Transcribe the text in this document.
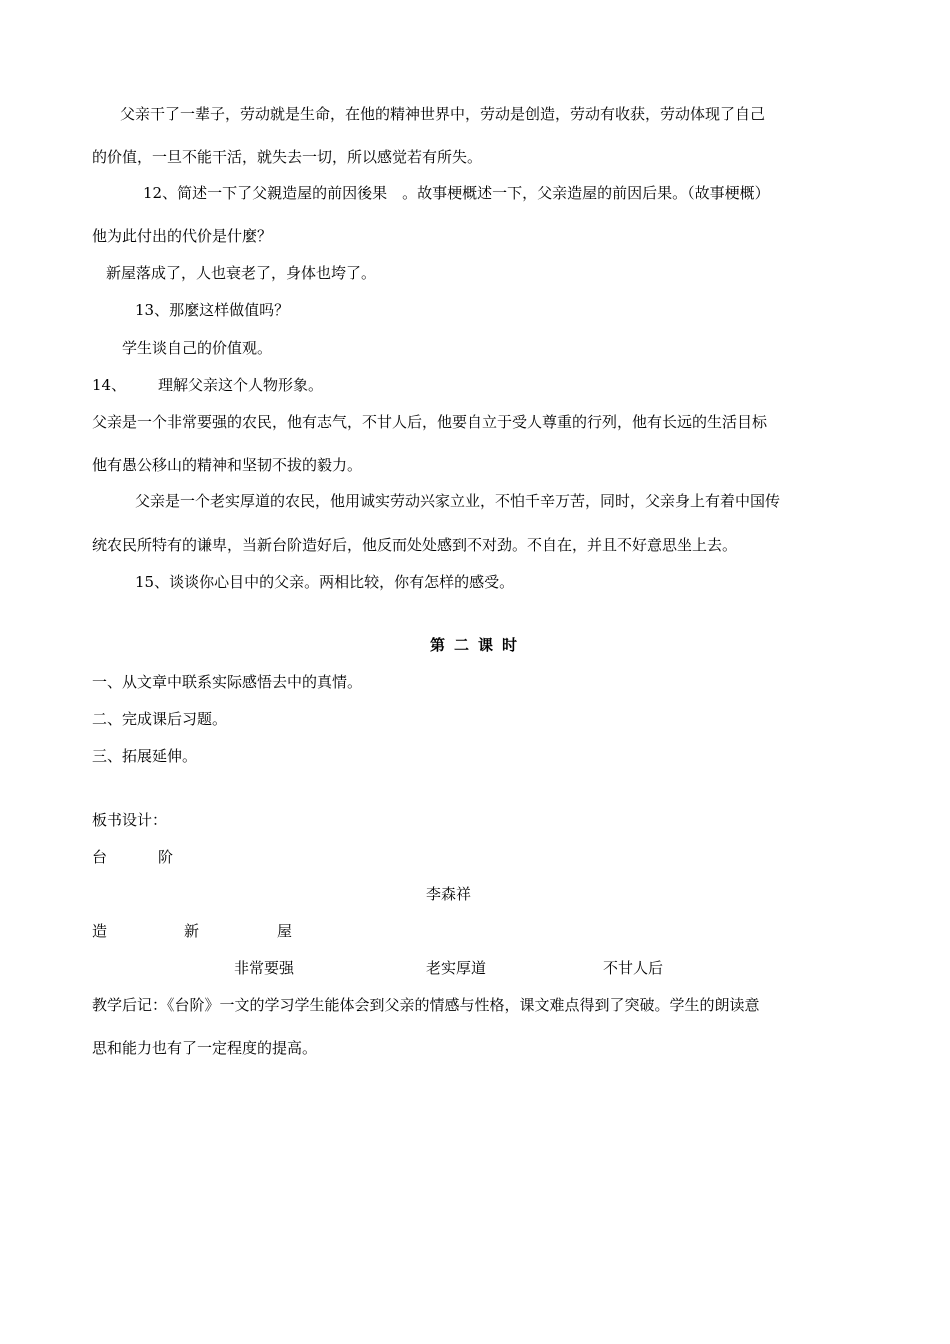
父亲干了一辈子，劳动就是生命，在他的精神世界中，劳动是创造，劳动有收获，劳动体现了自己
的价值，一旦不能干活，就失去一切，所以感觉若有所失。
12、简述一下了父親造屋的前因後果　。故事梗概述一下，父亲造屋的前因后果。（故事梗概）
他为此付出的代价是什麼？
新屋落成了，人也衰老了，身体也垮了。
13、那麼这样做值吗？
学生谈自己的价值观。
14、 理解父亲这个人物形象。
父亲是一个非常要强的农民，他有志气，不甘人后，他要自立于受人尊重的行列，他有长远的生活目标
他有愚公移山的精神和坚韧不拔的毅力。
父亲是一个老实厚道的农民，他用诚实劳动兴家立业，不怕千辛万苦，同时，父亲身上有着中国传
统农民所特有的谦卑，当新台阶造好后，他反而处处感到不对劲。不自在，并且不好意思坐上去。
15、谈谈你心目中的父亲。两相比较，你有怎样的感受。
第二课时
一、从文章中联系实际感悟去中的真情。
二、完成课后习题。
三、拓展延伸。
板书设计：
台	阶
李森祥
造	新	屋
非常要强	老实厚道	不甘人后
教学后记：《台阶》一文的学习学生能体会到父亲的情感与性格，课文难点得到了突破。学生的朗读意
思和能力也有了一定程度的提高。
